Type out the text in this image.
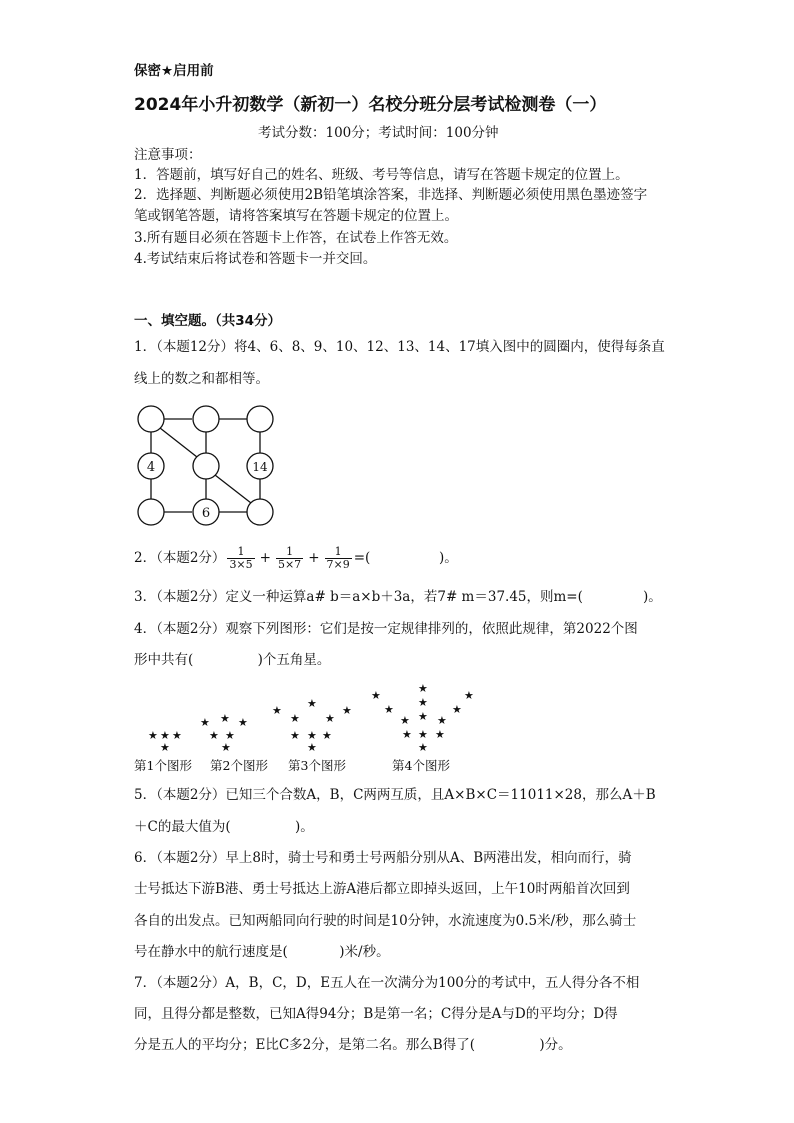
保密★启用前
2024年小升初数学（新初一）名校分班分层考试检测卷（一）
考试分数：100分；考试时间：100分钟
注意事项：
1．答题前，填写好自己的姓名、班级、考号等信息，请写在答题卡规定的位置上。
2．选择题、判断题必须使用2B铅笔填涂答案，非选择、判断题必须使用黑色墨迹签字
笔或钢笔答题，请将答案填写在答题卡规定的位置上。
3.所有题目必须在答题卡上作答，在试卷上作答无效。
4.考试结束后将试卷和答题卡一并交回。
一、填空题。（共34分）
1．（本题12分）将4、6、8、9、10、12、13、14、17填入图中的圆圈内，使得每条直
线上的数之和都相等。
4	14
6
2．（本题2分） $\frac{1}{3\times 5} + \frac{1}{5\times 7} + \frac{1}{7\times 9}$ =(                )。
3．（本题2分）定义一种运算a# b＝a×b＋3a，若7# m＝37.45，则m=(              )。
4．（本题2分）观察下列图形：它们是按一定规律排列的，依照此规律，第2022个图
形中共有(               )个五角星。
★ ★ ★
★
★ ★ ★
★ ★
★
★
★
★
★
★
★ ★ ★
★
★
★
★
★
★
★ ★
★
★
★ ★ ★
★
第1个图形 第2个图形 第3个图形	第4个图形
5．（本题2分）已知三个合数A，B，C两两互质，且A×B×C＝11011×28，那么A＋B
＋C的最大值为(               )。
6．（本题2分）早上8时，骑士号和勇士号两船分别从A、B两港出发，相向而行，骑
士号抵达下游B港、勇士号抵达上游A港后都立即掉头返回，上午10时两船首次回到
各自的出发点。已知两船同向行驶的时间是10分钟，水流速度为0.5米/秒，那么骑士
号在静水中的航行速度是(            )米/秒。
7．（本题2分）A，B，C，D，E五人在一次满分为100分的考试中，五人得分各不相
同，且得分都是整数，已知A得94分；B是第一名；C得分是A与D的平均分；D得
分是五人的平均分；E比C多2分，是第二名。那么B得了(               )分。
